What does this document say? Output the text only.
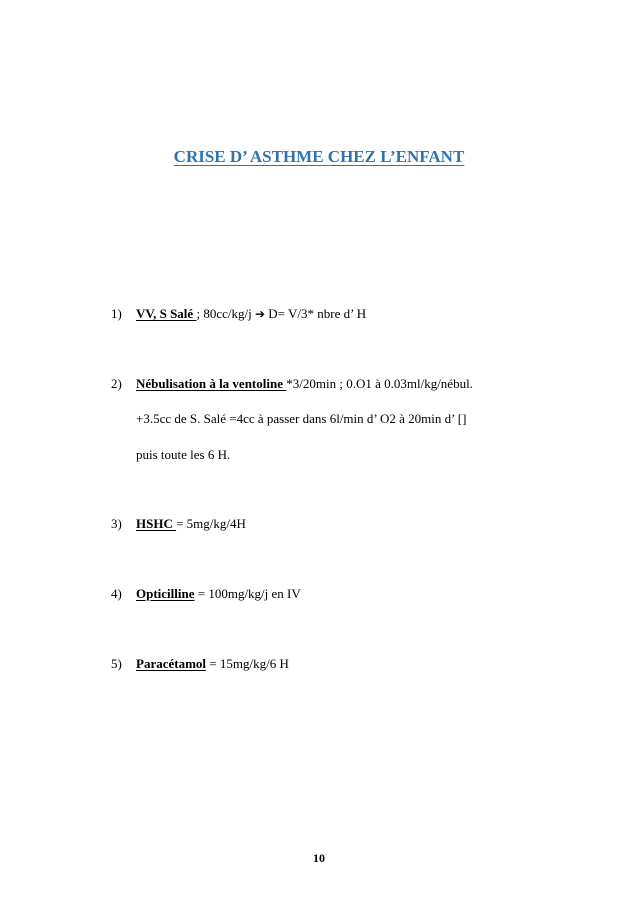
CRISE D’ ASTHME CHEZ L’ENFANT
1) VV, S Salé ; 80cc/kg/j ➔ D= V/3* nbre d’ H
2) Nébulisation à la ventoline *3/20min ; 0.O1 à 0.03ml/kg/nébul.
+3.5cc de S. Salé =4cc à passer dans 6l/min d’ O2 à 20min d’ []
puis toute les 6 H.
3) HSHC = 5mg/kg/4H
4) Opticilline = 100mg/kg/j en IV
5) Paracétamol = 15mg/kg/6 H
10
